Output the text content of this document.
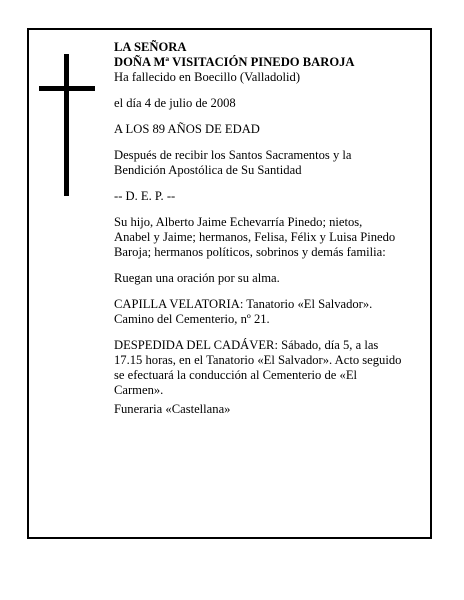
LA SEÑORA
DOÑA Mª VISITACIÓN PINEDO BAROJA
Ha fallecido en Boecillo (Valladolid)
el día 4 de julio de 2008
A LOS 89 AÑOS DE EDAD
Después de recibir los Santos Sacramentos y la
Bendición Apostólica de Su Santidad
-- D. E. P. --
Su hijo, Alberto Jaime Echevarría Pinedo; nietos,
Anabel y Jaime; hermanos, Felisa, Félix y Luisa Pinedo
Baroja; hermanos políticos, sobrinos y demás familia:
Ruegan una oración por su alma.
CAPILLA VELATORIA: Tanatorio «El Salvador».
Camino del Cementerio, nº 21.
DESPEDIDA DEL CADÁVER: Sábado, día 5, a las
17.15 horas, en el Tanatorio «El Salvador». Acto seguido
se efectuará la conducción al Cementerio de «El
Carmen».
Funeraria «Castellana»
